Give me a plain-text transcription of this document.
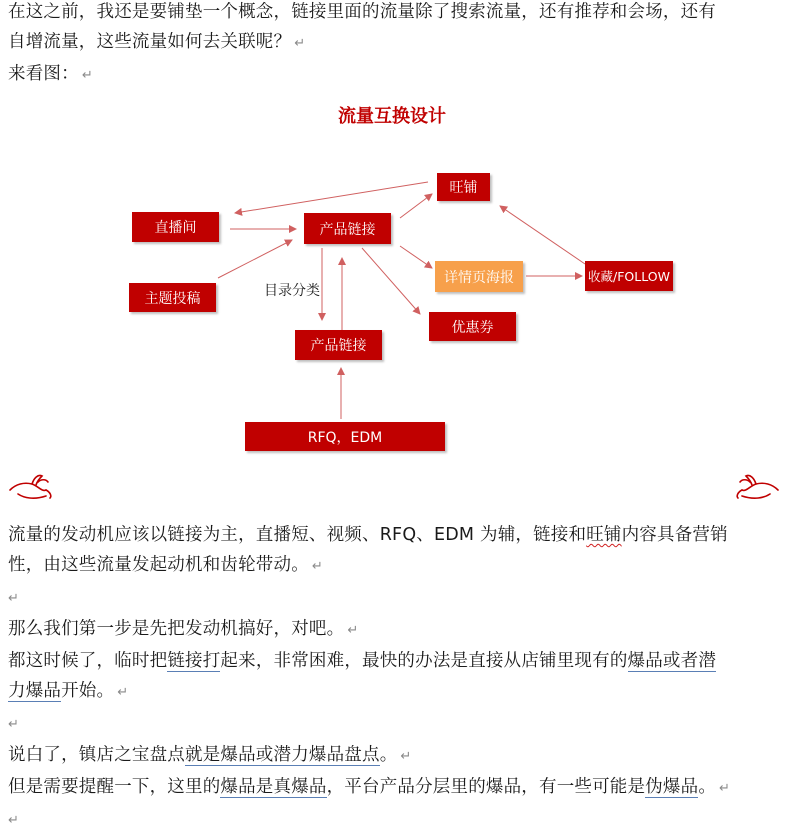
在这之前，我还是要铺垫一个概念，链接里面的流量除了搜索流量，还有推荐和会场，还有
自增流量，这些流量如何去关联呢？ ↵
来看图： ↵
流量互换设计
直播间
主题投稿
产品链接
旺铺
详情页海报	收藏/FOLLOW
优惠券
产品链接
RFQ，EDM
目录分类
流量的发动机应该以链接为主，直播短、视频、RFQ、EDM 为辅，链接和旺铺内容具备营销
性，由这些流量发起动机和齿轮带动。 ↵
↵
那么我们第一步是先把发动机搞好，对吧。 ↵
都这时候了，临时把链接打起来，非常困难，最快的办法是直接从店铺里现有的爆品或者潜
力爆品开始。 ↵
↵
说白了，镇店之宝盘点就是爆品或潜力爆品盘点。 ↵
但是需要提醒一下，这里的爆品是真爆品，平台产品分层里的爆品，有一些可能是伪爆品。 ↵
↵
